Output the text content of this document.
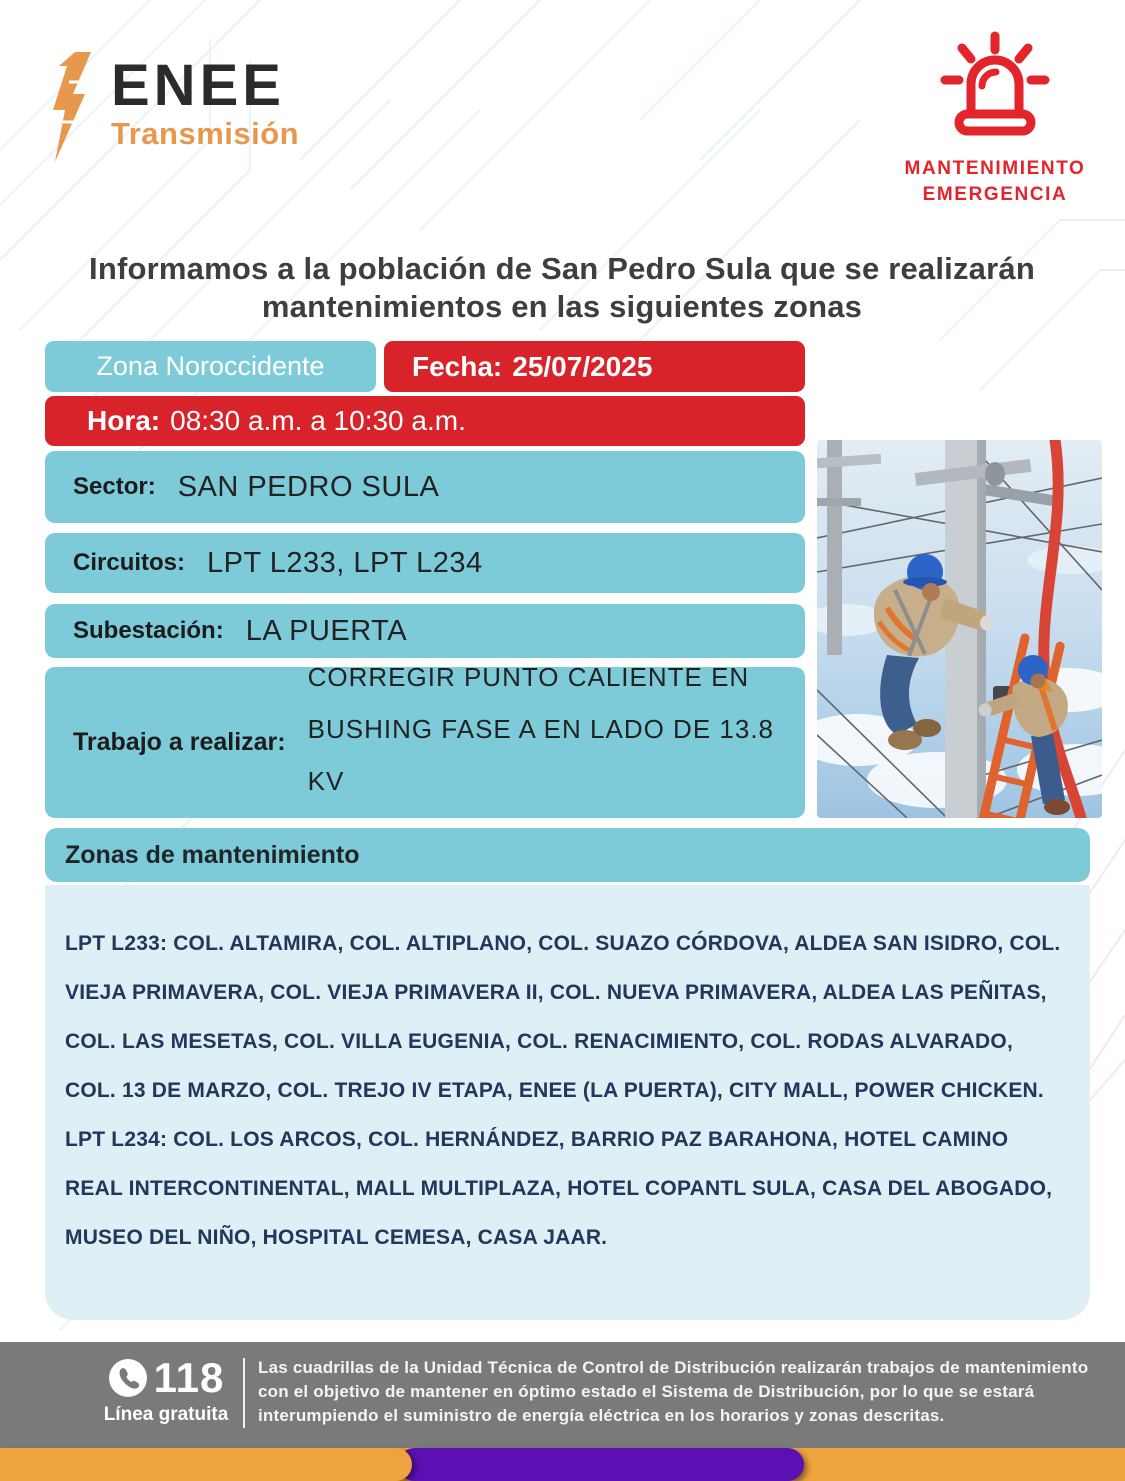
ENEE
Transmisión
MANTENIMIENTO
EMERGENCIA
Informamos a la población de San Pedro Sula que se realizarán mantenimientos en las siguientes zonas
Zona Noroccidente	Fecha: 25/07/2025
Hora: 08:30 a.m. a 10:30 a.m.
Sector: SAN PEDRO SULA
Circuitos: LPT L233, LPT L234
Subestación: LA PUERTA
Trabajo a realizar:
CORREGIR PUNTO CALIENTE EN BUSHING FASE A EN LADO DE 13.8 KV
Zonas de mantenimiento

LPT L233: COL. ALTAMIRA, COL. ALTIPLANO, COL. SUAZO CÓRDOVA, ALDEA SAN ISIDRO, COL. VIEJA PRIMAVERA, COL. VIEJA PRIMAVERA II, COL. NUEVA PRIMAVERA, ALDEA LAS PEÑITAS, COL. LAS MESETAS, COL. VILLA EUGENIA, COL. RENACIMIENTO, COL. RODAS ALVARADO, COL. 13 DE MARZO, COL. TREJO IV ETAPA, ENEE (LA PUERTA), CITY MALL, POWER CHICKEN.

LPT L234: COL. LOS ARCOS, COL. HERNÁNDEZ, BARRIO PAZ BARAHONA, HOTEL CAMINO REAL INTERCONTINENTAL, MALL MULTIPLAZA, HOTEL COPANTL SULA, CASA DEL ABOGADO, MUSEO DEL NIÑO, HOSPITAL CEMESA, CASA JAAR.

118
Línea gratuita
Las cuadrillas de la Unidad Técnica de Control de Distribución realizarán trabajos de mantenimiento con el objetivo de mantener en óptimo estado el Sistema de Distribución, por lo que se estará interumpiendo el suministro de energía eléctrica en los horarios y zonas descritas.
